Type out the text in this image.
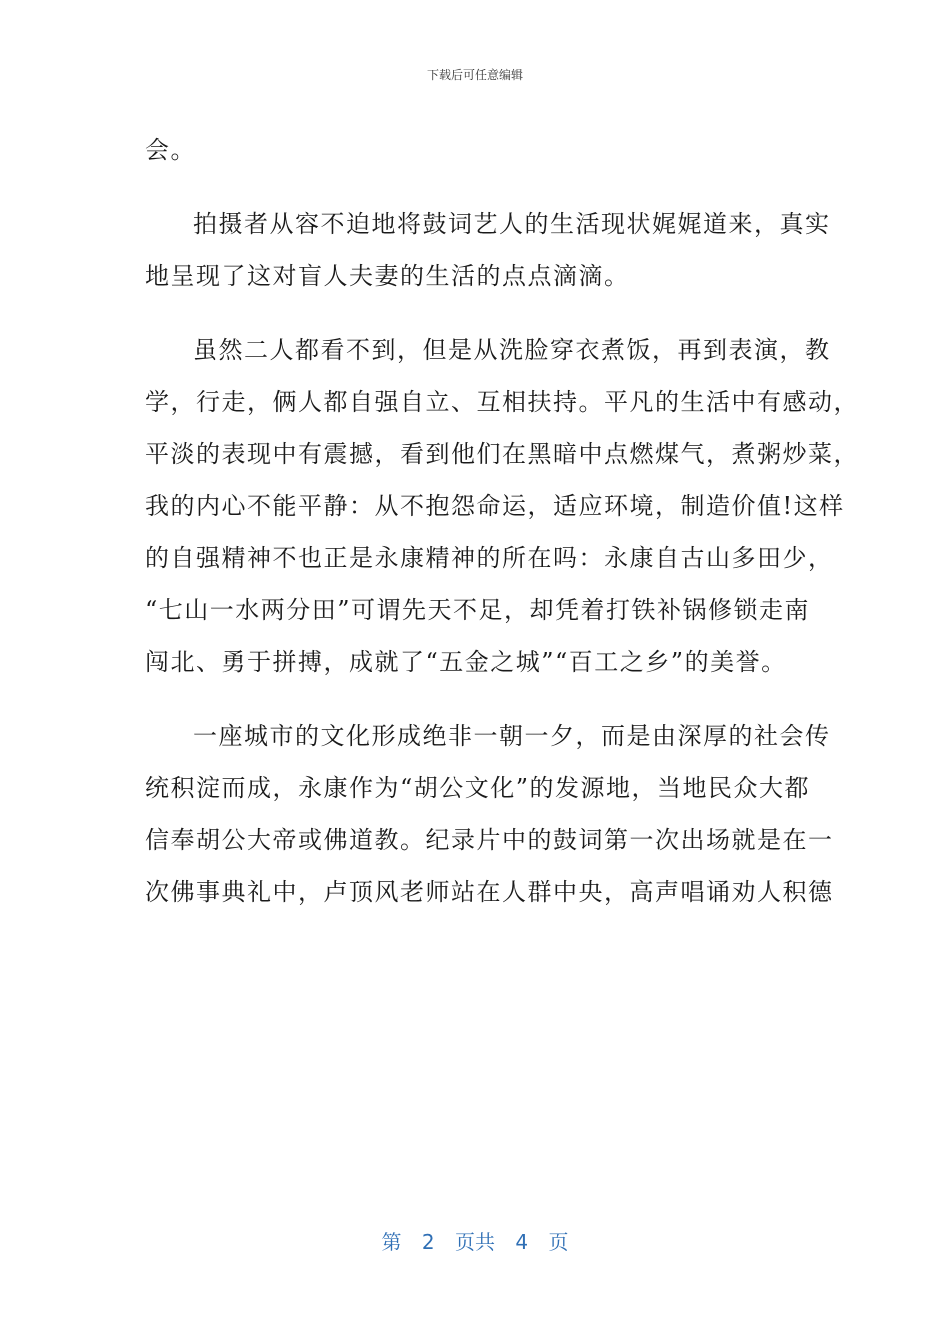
下载后可任意编辑
会。
拍摄者从容不迫地将鼓词艺人的生活现状娓娓道来，真实
地呈现了这对盲人夫妻的生活的点点滴滴。
虽然二人都看不到，但是从洗脸穿衣煮饭，再到表演，教
学，行走，俩人都自强自立、互相扶持。平凡的生活中有感动，
平淡的表现中有震撼，看到他们在黑暗中点燃煤气，煮粥炒菜，
我的内心不能平静：从不抱怨命运，适应环境，制造价值!这样
的自强精神不也正是永康精神的所在吗：永康自古山多田少，
“七山一水两分田”可谓先天不足，却凭着打铁补锅修锁走南
闯北、勇于拼搏，成就了“五金之城”“百工之乡”的美誉。
一座城市的文化形成绝非一朝一夕，而是由深厚的社会传
统积淀而成，永康作为“胡公文化”的发源地，当地民众大都
信奉胡公大帝或佛道教。纪录片中的鼓词第一次出场就是在一
次佛事典礼中，卢顶风老师站在人群中央，高声唱诵劝人积德
第 2 页共 4 页
